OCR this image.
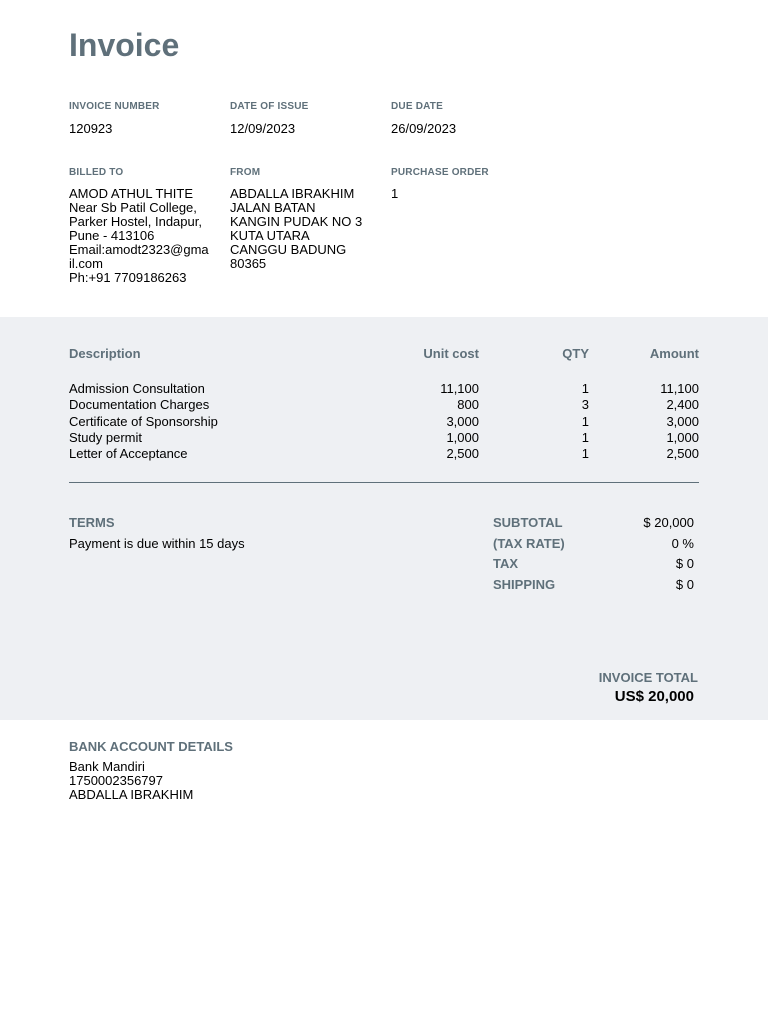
Invoice
INVOICE NUMBER
120923
DATE OF ISSUE
12/09/2023
DUE DATE
26/09/2023
BILLED TO
AMOD ATHUL THITE
Near Sb Patil College,
Parker Hostel, Indapur,
Pune - 413106
Email:amodt2323@gma
il.com
Ph:+91 7709186263
FROM
ABDALLA IBRAKHIM
JALAN BATAN
KANGIN PUDAK NO 3
KUTA UTARA
CANGGU BADUNG
80365
PURCHASE ORDER
1
Description	Unit cost	QTY	Amount
Admission Consultation	11,100	1	11,100
Documentation Charges	800	3	2,400
Certificate of Sponsorship	3,000	1	3,000
Study permit	1,000	1	1,000
Letter of Acceptance	2,500	1	2,500
TERMS
Payment is due within 15 days
SUBTOTAL	$ 20,000
(TAX RATE)	0 %
TAX	$ 0
SHIPPING	$ 0
INVOICE TOTAL
US$ 20,000
BANK ACCOUNT DETAILS
Bank Mandiri
1750002356797
ABDALLA IBRAKHIM
